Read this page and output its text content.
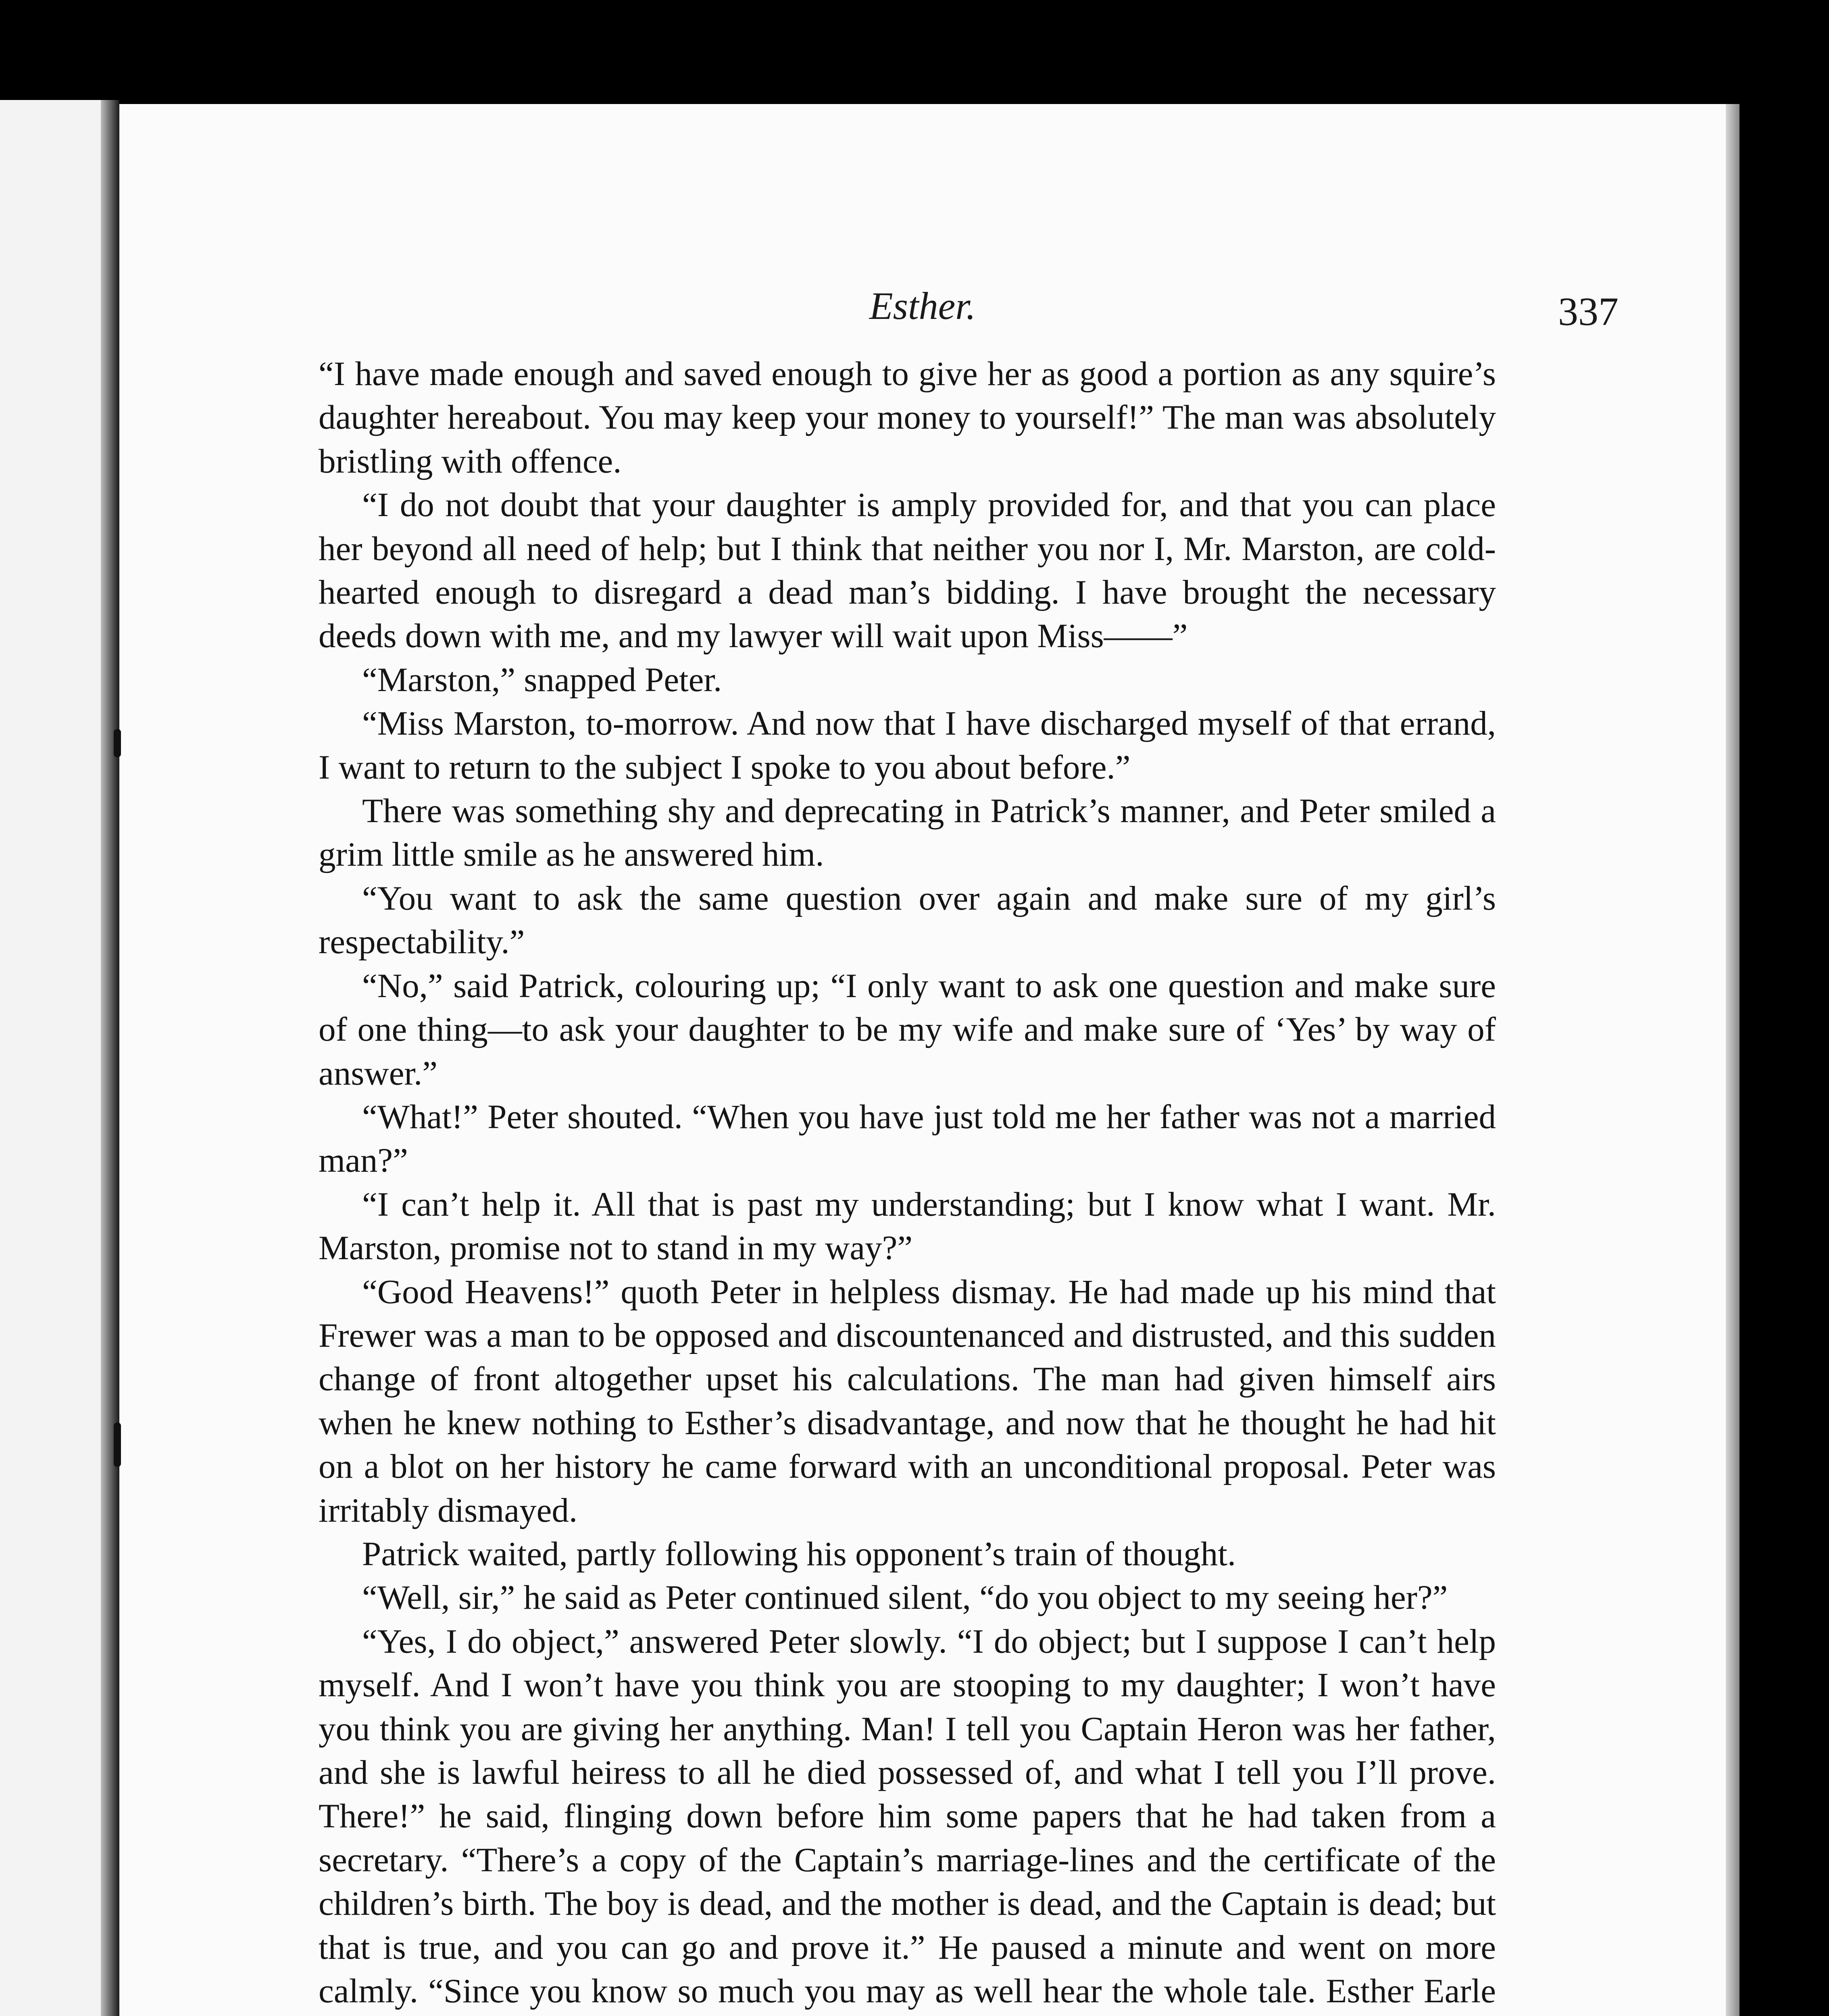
Esther.	337

“I have made enough and saved enough to give her as good a portion as any squire’s daughter hereabout. You may keep your money to yourself!” The man was absolutely bristling with offence.

“I do not doubt that your daughter is amply provided for, and that you can place her beyond all need of help; but I think that neither you nor I, Mr. Marston, are cold-hearted enough to disregard a dead man’s bidding. I have brought the necessary deeds down with me, and my lawyer will wait upon Miss——”

“Marston,” snapped Peter.

“Miss Marston, to-morrow. And now that I have discharged myself of that errand, I want to return to the subject I spoke to you about before.”

There was something shy and deprecating in Patrick’s manner, and Peter smiled a grim little smile as he answered him.

“You want to ask the same question over again and make sure of my girl’s respectability.”

“No,” said Patrick, colouring up; “I only want to ask one question and make sure of one thing—to ask your daughter to be my wife and make sure of ‘Yes’ by way of answer.”

“What!” Peter shouted. “When you have just told me her father was not a married man?”

“I can’t help it. All that is past my understanding; but I know what I want. Mr. Marston, promise not to stand in my way?”

“Good Heavens!” quoth Peter in helpless dismay. He had made up his mind that Frewer was a man to be opposed and discountenanced and distrusted, and this sudden change of front altogether upset his calculations. The man had given himself airs when he knew nothing to Esther’s disadvantage, and now that he thought he had hit on a blot on her history he came forward with an unconditional proposal. Peter was irritably dismayed.

Patrick waited, partly following his opponent’s train of thought.

“Well, sir,” he said as Peter continued silent, “do you object to my seeing her?”

“Yes, I do object,” answered Peter slowly. “I do object; but I suppose I can’t help myself. And I won’t have you think you are stooping to my daughter; I won’t have you think you are giving her anything. Man! I tell you Captain Heron was her father, and she is lawful heiress to all he died possessed of, and what I tell you I’ll prove. There!” he said, flinging down before him some papers that he had taken from a secretary. “There’s a copy of the Captain’s marriage-lines and the certificate of the children’s birth. The boy is dead, and the mother is dead, and the Captain is dead; but that is true, and you can go and prove it.” He paused a minute and went on more calmly. “Since you know so much you may as well hear the whole tale. Esther Earle
